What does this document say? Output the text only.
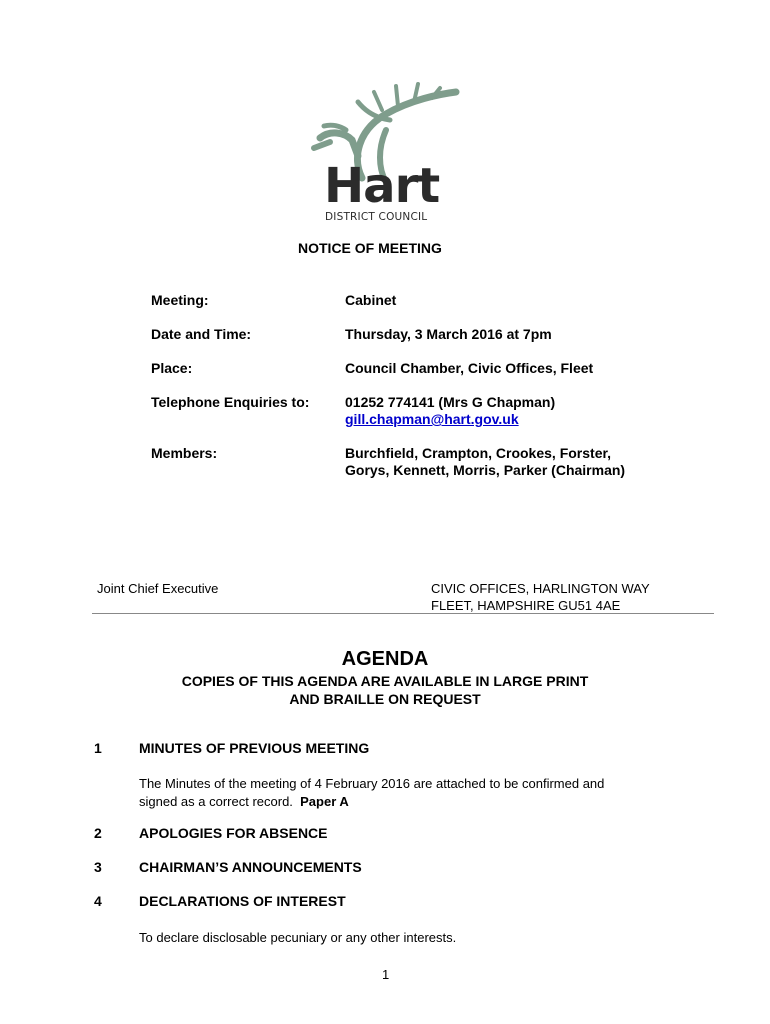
Hart
DISTRICT COUNCIL
NOTICE OF MEETING
Meeting:	Cabinet
Date and Time:	Thursday, 3 March 2016 at 7pm
Place:	Council Chamber, Civic Offices, Fleet
Telephone Enquiries to:	01252 774141 (Mrs G Chapman)
gill.chapman@hart.gov.uk
Members:	Burchfield, Crampton, Crookes, Forster,
Gorys, Kennett, Morris, Parker (Chairman)
Joint Chief Executive	CIVIC OFFICES, HARLINGTON WAY
FLEET, HAMPSHIRE GU51 4AE
AGENDA
COPIES OF THIS AGENDA ARE AVAILABLE IN LARGE PRINT
AND BRAILLE ON REQUEST
1	MINUTES OF PREVIOUS MEETING
The Minutes of the meeting of 4 February 2016 are attached to be confirmed and
signed as a correct record. Paper A
2	APOLOGIES FOR ABSENCE
3	CHAIRMAN’S ANNOUNCEMENTS
4	DECLARATIONS OF INTEREST
To declare disclosable pecuniary or any other interests.
1
